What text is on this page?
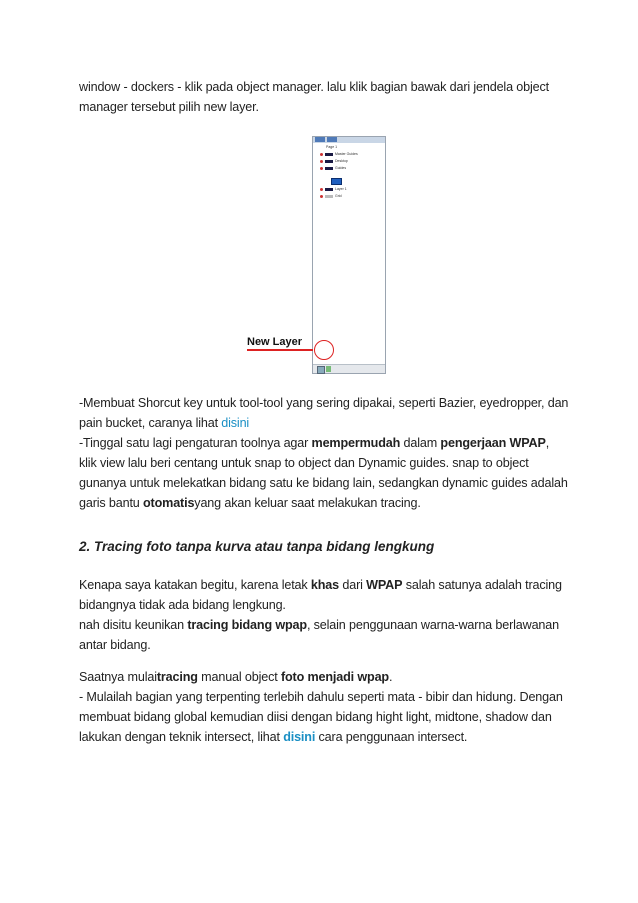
window - dockers - klik pada object manager. lalu klik bagian bawak dari jendela object manager tersebut pilih new layer.
Page 1
Master Guides
Desktop
Guides
Layer 1
Grid
New Layer
-Membuat Shorcut key untuk tool-tool yang sering dipakai, seperti Bazier, eyedropper, dan pain bucket, caranya lihat disini
-Tinggal satu lagi pengaturan toolnya agar mempermudah dalam pengerjaan WPAP, klik view lalu beri centang untuk snap to object dan Dynamic guides. snap to object gunanya untuk melekatkan bidang satu ke bidang lain, sedangkan dynamic guides adalah garis bantu otomatisyang akan keluar saat melakukan tracing.
2. Tracing foto tanpa kurva atau tanpa bidang lengkung
Kenapa saya katakan begitu, karena letak khas dari WPAP salah satunya adalah tracing bidangnya tidak ada bidang lengkung.
nah disitu keunikan tracing bidang wpap, selain penggunaan warna-warna berlawanan antar bidang.
Saatnya mulaitracing manual object foto menjadi wpap.
- Mulailah bagian yang terpenting terlebih dahulu seperti mata - bibir dan hidung. Dengan membuat bidang global kemudian diisi dengan bidang hight light, midtone, shadow dan lakukan dengan teknik intersect, lihat disini cara penggunaan intersect.
